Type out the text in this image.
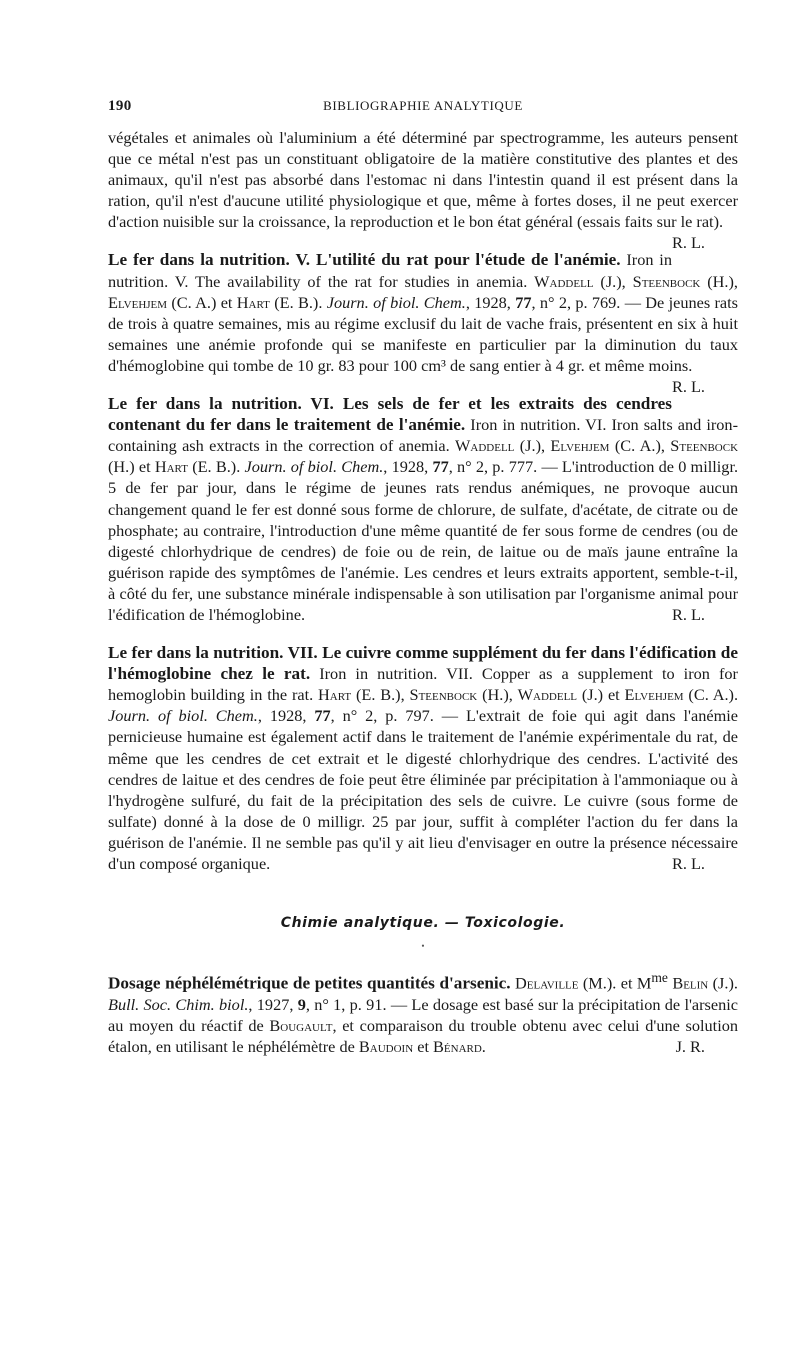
190	BIBLIOGRAPHIE ANALYTIQUE

végétales et animales où l'aluminium a été déterminé par spectrogramme, les auteurs pensent que ce métal n'est pas un constituant obligatoire de la matière constitutive des plantes et des animaux, qu'il n'est pas absorbé dans l'estomac ni dans l'intestin quand il est présent dans la ration, qu'il n'est d'aucune utilité physiologique et que, même à fortes doses, il ne peut exercer d'action nuisible sur la croissance, la reproduction et le bon état général (essais faits sur le rat).
R. L.

Le fer dans la nutrition. V. L'utilité du rat pour l'étude de l'anémie. Iron in nutrition. V. The availability of the rat for studies in anemia. Waddell (J.), Steenbock (H.), Elvehjem (C. A.) et Hart (E. B.). Journ. of biol. Chem., 1928, 77, n° 2, p. 769. — De jeunes rats de trois à quatre semaines, mis au régime exclusif du lait de vache frais, présentent en six à huit semaines une anémie profonde qui se manifeste en particulier par la diminution du taux d'hémoglobine qui tombe de 10 gr. 83 pour 100 cm³ de sang entier à 4 gr. et même moins.
R. L.

Le fer dans la nutrition. VI. Les sels de fer et les extraits des cendres contenant du fer dans le traitement de l'anémie. Iron in nutrition. VI. Iron salts and iron-containing ash extracts in the correction of anemia. Waddell (J.), Elvehjem (C. A.), Steenbock (H.) et Hart (E. B.). Journ. of biol. Chem., 1928, 77, n° 2, p. 777. — L'introduction de 0 milligr. 5 de fer par jour, dans le régime de jeunes rats rendus anémiques, ne provoque aucun changement quand le fer est donné sous forme de chlorure, de sulfate, d'acétate, de citrate ou de phosphate; au contraire, l'introduction d'une même quantité de fer sous forme de cendres (ou de digesté chlorhydrique de cendres) de foie ou de rein, de laitue ou de maïs jaune entraîne la guérison rapide des symptômes de l'anémie. Les cendres et leurs extraits apportent, semble-t-il, à côté du fer, une substance minérale indispensable à son utilisation par l'organisme animal pour l'édification de l'hémoglobine.	R. L.

Le fer dans la nutrition. VII. Le cuivre comme supplément du fer dans l'édification de l'hémoglobine chez le rat. Iron in nutrition. VII. Copper as a supplement to iron for hemoglobin building in the rat. Hart (E. B.), Steenbock (H.), Waddell (J.) et Elvehjem (C. A.). Journ. of biol. Chem., 1928, 77, n° 2, p. 797. — L'extrait de foie qui agit dans l'anémie pernicieuse humaine est également actif dans le traitement de l'anémie expérimentale du rat, de même que les cendres de cet extrait et le digesté chlorhydrique des cendres. L'activité des cendres de laitue et des cendres de foie peut être éliminée par précipitation à l'ammoniaque ou à l'hydrogène sulfuré, du fait de la précipitation des sels de cuivre. Le cuivre (sous forme de sulfate) donné à la dose de 0 milligr. 25 par jour, suffit à compléter l'action du fer dans la guérison de l'anémie. Il ne semble pas qu'il y ait lieu d'envisager en outre la présence nécessaire d'un composé organique.	R. L.

Chimie analytique. — Toxicologie.
•

Dosage néphélémétrique de petites quantités d'arsenic. Delaville (M.). et $M^{me}$ Belin (J.). Bull. Soc. Chim. biol., 1927, 9, n° 1, p. 91. — Le dosage est basé sur la précipitation de l'arsenic au moyen du réactif de Bougault, et comparaison du trouble obtenu avec celui d'une solution étalon, en utilisant le néphélémètre de Baudoin et Bénard.	J. R.
